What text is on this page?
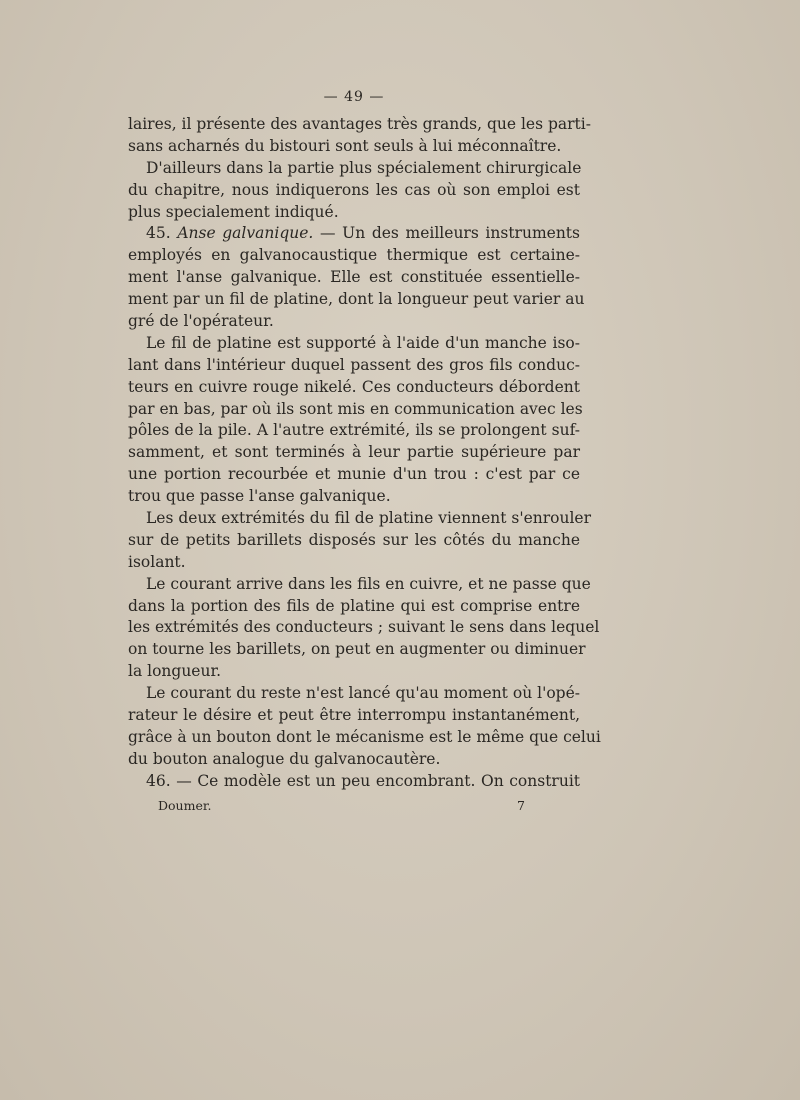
— 49 —
laires, il présente des avantages très grands, que les parti-
sans acharnés du bistouri sont seuls à lui méconnaître.
D'ailleurs dans la partie plus spécialement chirurgicale
du chapitre, nous indiquerons les cas où son emploi est
plus specialement indiqué.
45. Anse galvanique. — Un des meilleurs instruments
employés en galvanocaustique thermique est certaine-
ment l'anse galvanique. Elle est constituée essentielle-
ment par un fil de platine, dont la longueur peut varier au
gré de l'opérateur.
Le fil de platine est supporté à l'aide d'un manche iso-
lant dans l'intérieur duquel passent des gros fils conduc-
teurs en cuivre rouge nikelé. Ces conducteurs débordent
par en bas, par où ils sont mis en communication avec les
pôles de la pile. A l'autre extrémité, ils se prolongent suf-
samment, et sont terminés à leur partie supérieure par
une portion recourbée et munie d'un trou : c'est par ce
trou que passe l'anse galvanique.
Les deux extrémités du fil de platine viennent s'enrouler
sur de petits barillets disposés sur les côtés du manche
isolant.
Le courant arrive dans les fils en cuivre, et ne passe que
dans la portion des fils de platine qui est comprise entre
les extrémités des conducteurs ; suivant le sens dans lequel
on tourne les barillets, on peut en augmenter ou diminuer
la longueur.
Le courant du reste n'est lancé qu'au moment où l'opé-
rateur le désire et peut être interrompu instantanément,
grâce à un bouton dont le mécanisme est le même que celui
du bouton analogue du galvanocautère.
46. — Ce modèle est un peu encombrant. On construit
Doumer.	7
